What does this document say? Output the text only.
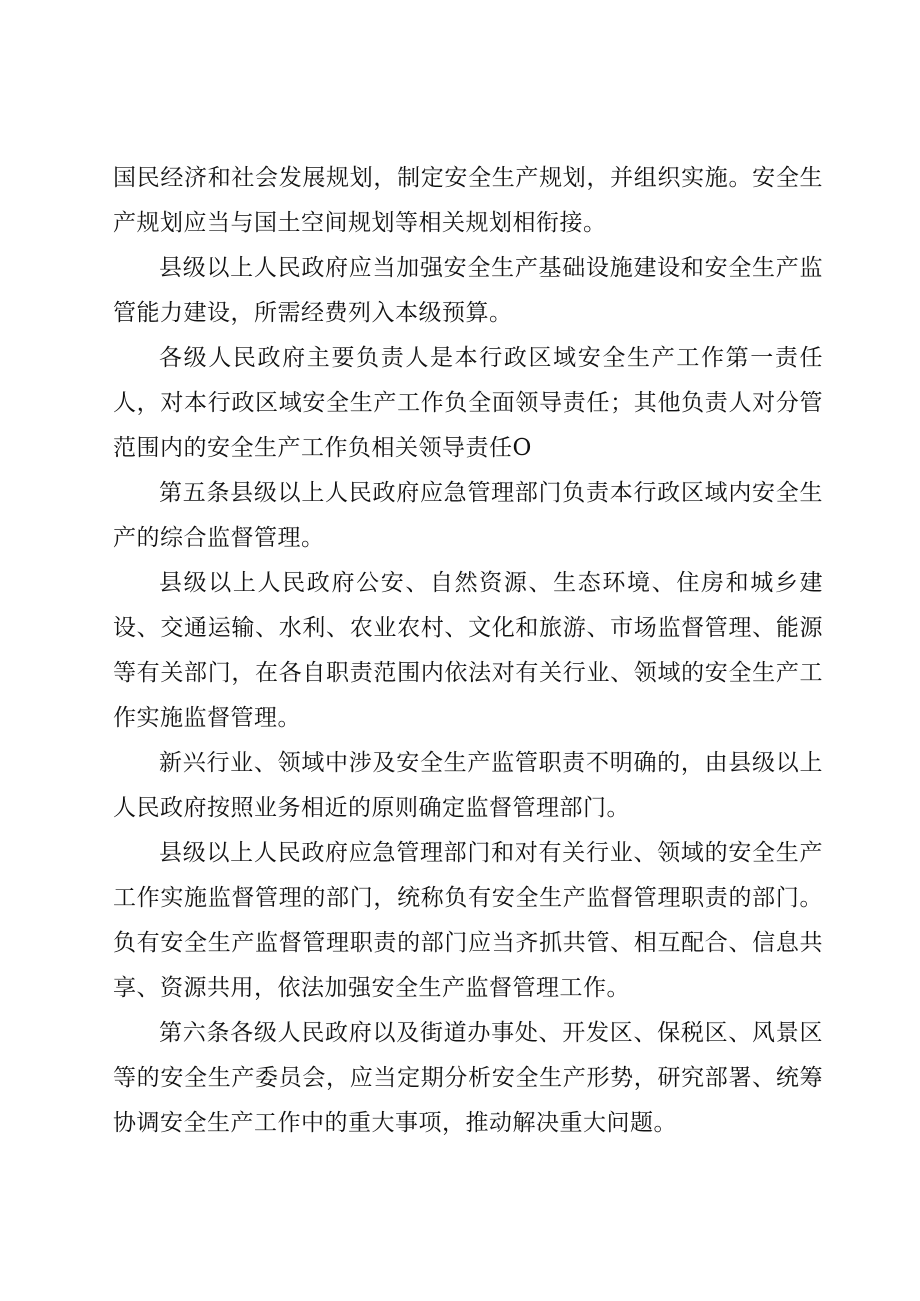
国民经济和社会发展规划，制定安全生产规划，并组织实施。安全生产规划应当与国土空间规划等相关规划相衔接。

县级以上人民政府应当加强安全生产基础设施建设和安全生产监管能力建设，所需经费列入本级预算。

各级人民政府主要负责人是本行政区域安全生产工作第一责任人，对本行政区域安全生产工作负全面领导责任；其他负责人对分管范围内的安全生产工作负相关领导责任O

第五条县级以上人民政府应急管理部门负责本行政区域内安全生产的综合监督管理。

县级以上人民政府公安、自然资源、生态环境、住房和城乡建设、交通运输、水利、农业农村、文化和旅游、市场监督管理、能源等有关部门，在各自职责范围内依法对有关行业、领域的安全生产工作实施监督管理。

新兴行业、领域中涉及安全生产监管职责不明确的，由县级以上人民政府按照业务相近的原则确定监督管理部门。

县级以上人民政府应急管理部门和对有关行业、领域的安全生产工作实施监督管理的部门，统称负有安全生产监督管理职责的部门。负有安全生产监督管理职责的部门应当齐抓共管、相互配合、信息共享、资源共用，依法加强安全生产监督管理工作。

第六条各级人民政府以及街道办事处、开发区、保税区、风景区等的安全生产委员会，应当定期分析安全生产形势，研究部署、统筹协调安全生产工作中的重大事项，推动解决重大问题。
